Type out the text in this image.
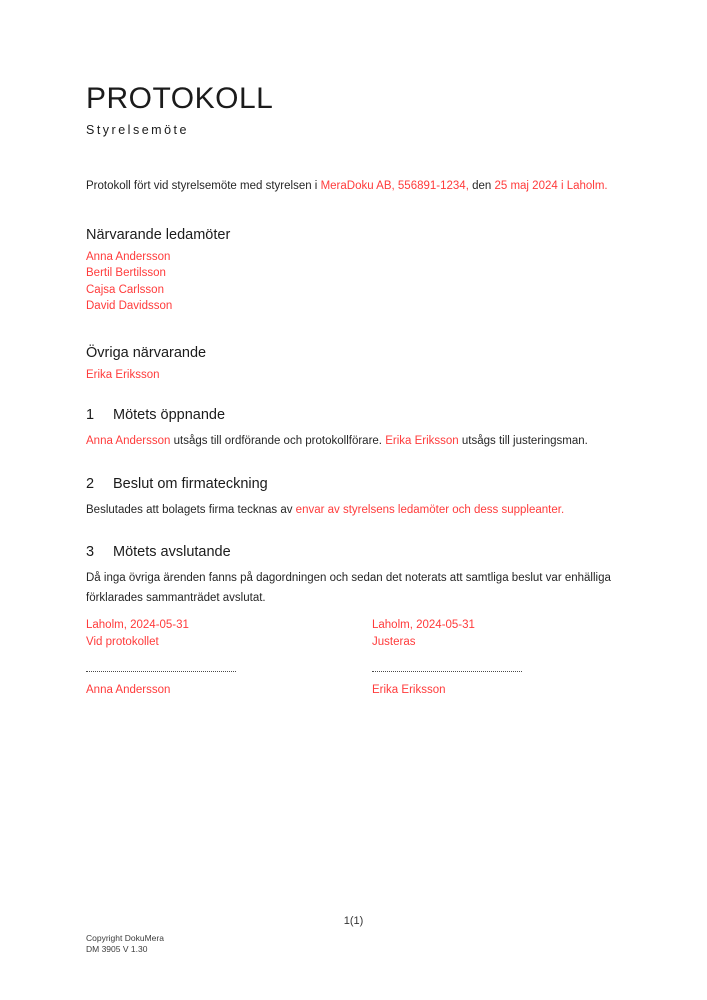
PROTOKOLL
Styrelsemöte

Protokoll fört vid styrelsemöte med styrelsen i MeraDoku AB, 556891-1234, den 25 maj 2024 i Laholm.

Närvarande ledamöter
Anna Andersson
Bertil Bertilsson
Cajsa Carlsson
David Davidsson
Övriga närvarande
Erika Eriksson
1	Mötets öppnande

Anna Andersson utsågs till ordförande och protokollförare. Erika Eriksson utsågs till justeringsman.

2	Beslut om firmateckning

Beslutades att bolagets firma tecknas av envar av styrelsens ledamöter och dess suppleanter.

3	Mötets avslutande

Då inga övriga ärenden fanns på dagordningen och sedan det noterats att samtliga beslut var enhälliga förklarades sammanträdet avslutat.

Laholm, 2024-05-31
Vid protokollet
Anna Andersson
Laholm, 2024-05-31
Justeras
Erika Eriksson
1(1)
Copyright DokuMera
DM 3905 V 1.30
